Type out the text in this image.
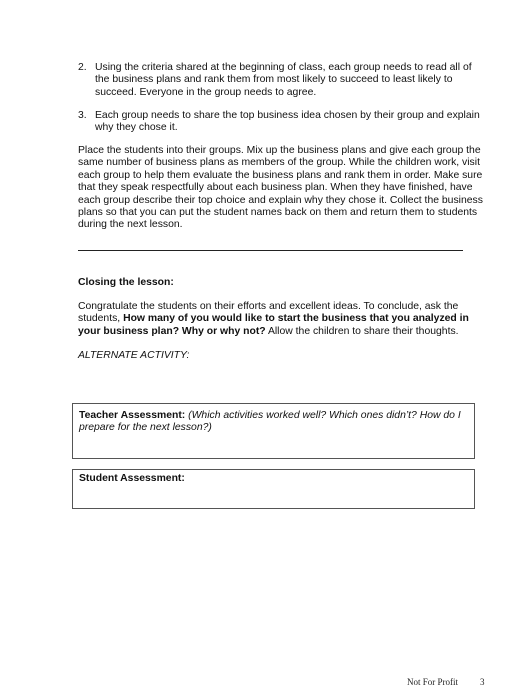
2. Using the criteria shared at the beginning of class, each group needs to read all of the business plans and rank them from most likely to succeed to least likely to succeed. Everyone in the group needs to agree.
3. Each group needs to share the top business idea chosen by their group and explain why they chose it.
Place the students into their groups. Mix up the business plans and give each group the same number of business plans as members of the group. While the children work, visit each group to help them evaluate the business plans and rank them in order. Make sure that they speak respectfully about each business plan. When they have finished, have each group describe their top choice and explain why they chose it. Collect the business plans so that you can put the student names back on them and return them to students during the next lesson.
Closing the lesson:
Congratulate the students on their efforts and excellent ideas. To conclude, ask the students, How many of you would like to start the business that you analyzed in your business plan? Why or why not? Allow the children to share their thoughts.
ALTERNATE ACTIVITY:
Teacher Assessment: (Which activities worked well? Which ones didn’t? How do I prepare for the next lesson?)
Student Assessment:
Not For Profit 3
